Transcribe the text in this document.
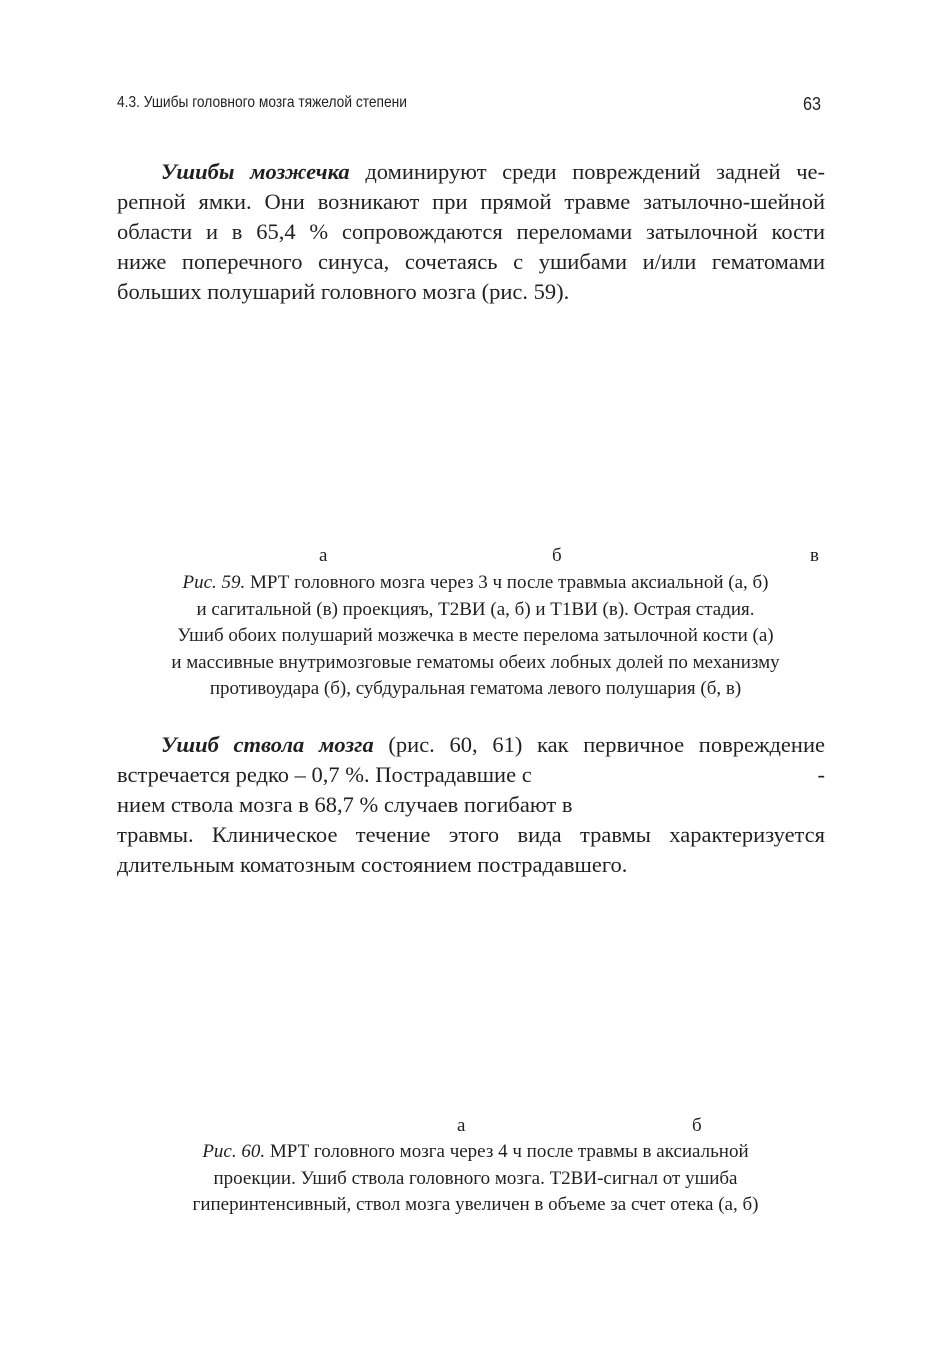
4.3. Ушибы головного мозга тяжелой степени	63
Ушибы мозжечка доминируют среди повреждений задней че-
репной ямки. Они возникают при прямой травме затылочно-шейной
области и в 65,4 % сопровождаются переломами затылочной кости
ниже поперечного синуса, сочетаясь с ушибами и/или гематомами
больших полушарий головного мозга (рис. 59).
а	б	в
Рис. 59. МРТ головного мозга через 3 ч после травмыа аксиальной (а, б)
и сагитальной (в) проекцияъ, Т2ВИ (а, б) и Т1ВИ (в). Острая стадия.
Ушиб обоих полушарий мозжечка в месте перелома затылочной кости (а)
и массивные внутримозговые гематомы обеих лобных долей по механизму
противоудара (б), субдуральная гематома левого полушария (б, в)
Ушиб ствола мозга (рис. 60, 61) как первичное повреждение
встречается редко – 0,7 %. Пострадавшие с	-
нием ствола мозга в 68,7 % случаев погибают в
травмы. Клиническое течение этого вида травмы характеризуется
длительным коматозным состоянием пострадавшего.
а	б
Рис. 60. МРТ головного мозга через 4 ч после травмы в аксиальной
проекции. Ушиб ствола головного мозга. Т2ВИ-сигнал от ушиба
гиперинтенсивный, ствол мозга увеличен в объеме за счет отека (а, б)
